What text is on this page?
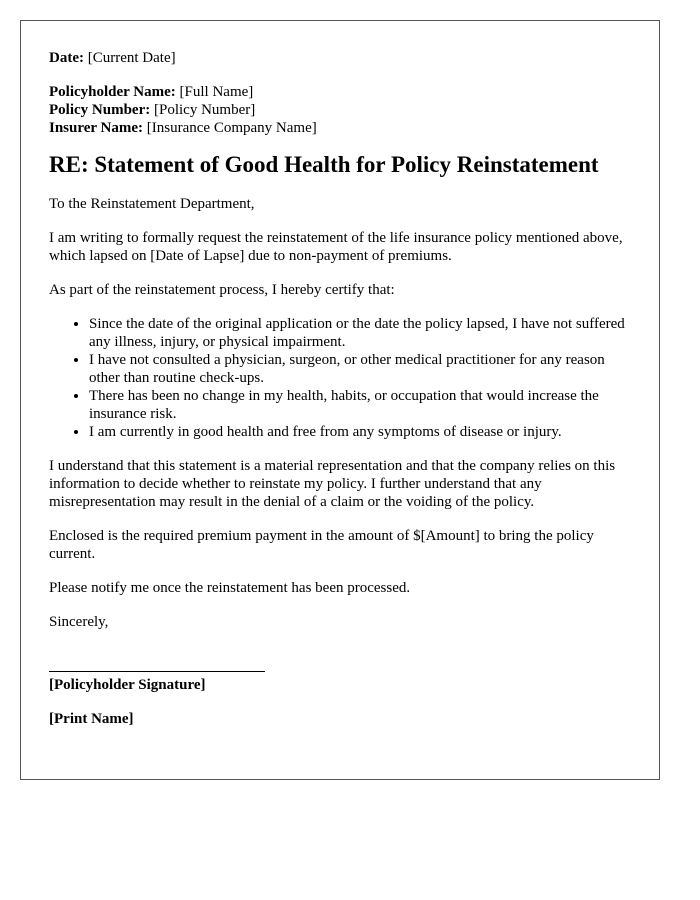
Date: [Current Date]

Policyholder Name: [Full Name]

Policy Number: [Policy Number]

Insurer Name: [Insurance Company Name]

RE: Statement of Good Health for Policy Reinstatement

To the Reinstatement Department,

I am writing to formally request the reinstatement of the life insurance policy mentioned above, which lapsed on [Date of Lapse] due to non-payment of premiums.

As part of the reinstatement process, I hereby certify that:

• Since the date of the original application or the date the policy lapsed, I have not suffered any illness, injury, or physical impairment.
• I have not consulted a physician, surgeon, or other medical practitioner for any reason other than routine check-ups.
• There has been no change in my health, habits, or occupation that would increase the insurance risk.
• I am currently in good health and free from any symptoms of disease or injury.

I understand that this statement is a material representation and that the company relies on this information to decide whether to reinstate my policy. I further understand that any misrepresentation may result in the denial of a claim or the voiding of the policy.

Enclosed is the required premium payment in the amount of $[Amount] to bring the policy current.

Please notify me once the reinstatement has been processed.

Sincerely,

[Policyholder Signature]

[Print Name]
